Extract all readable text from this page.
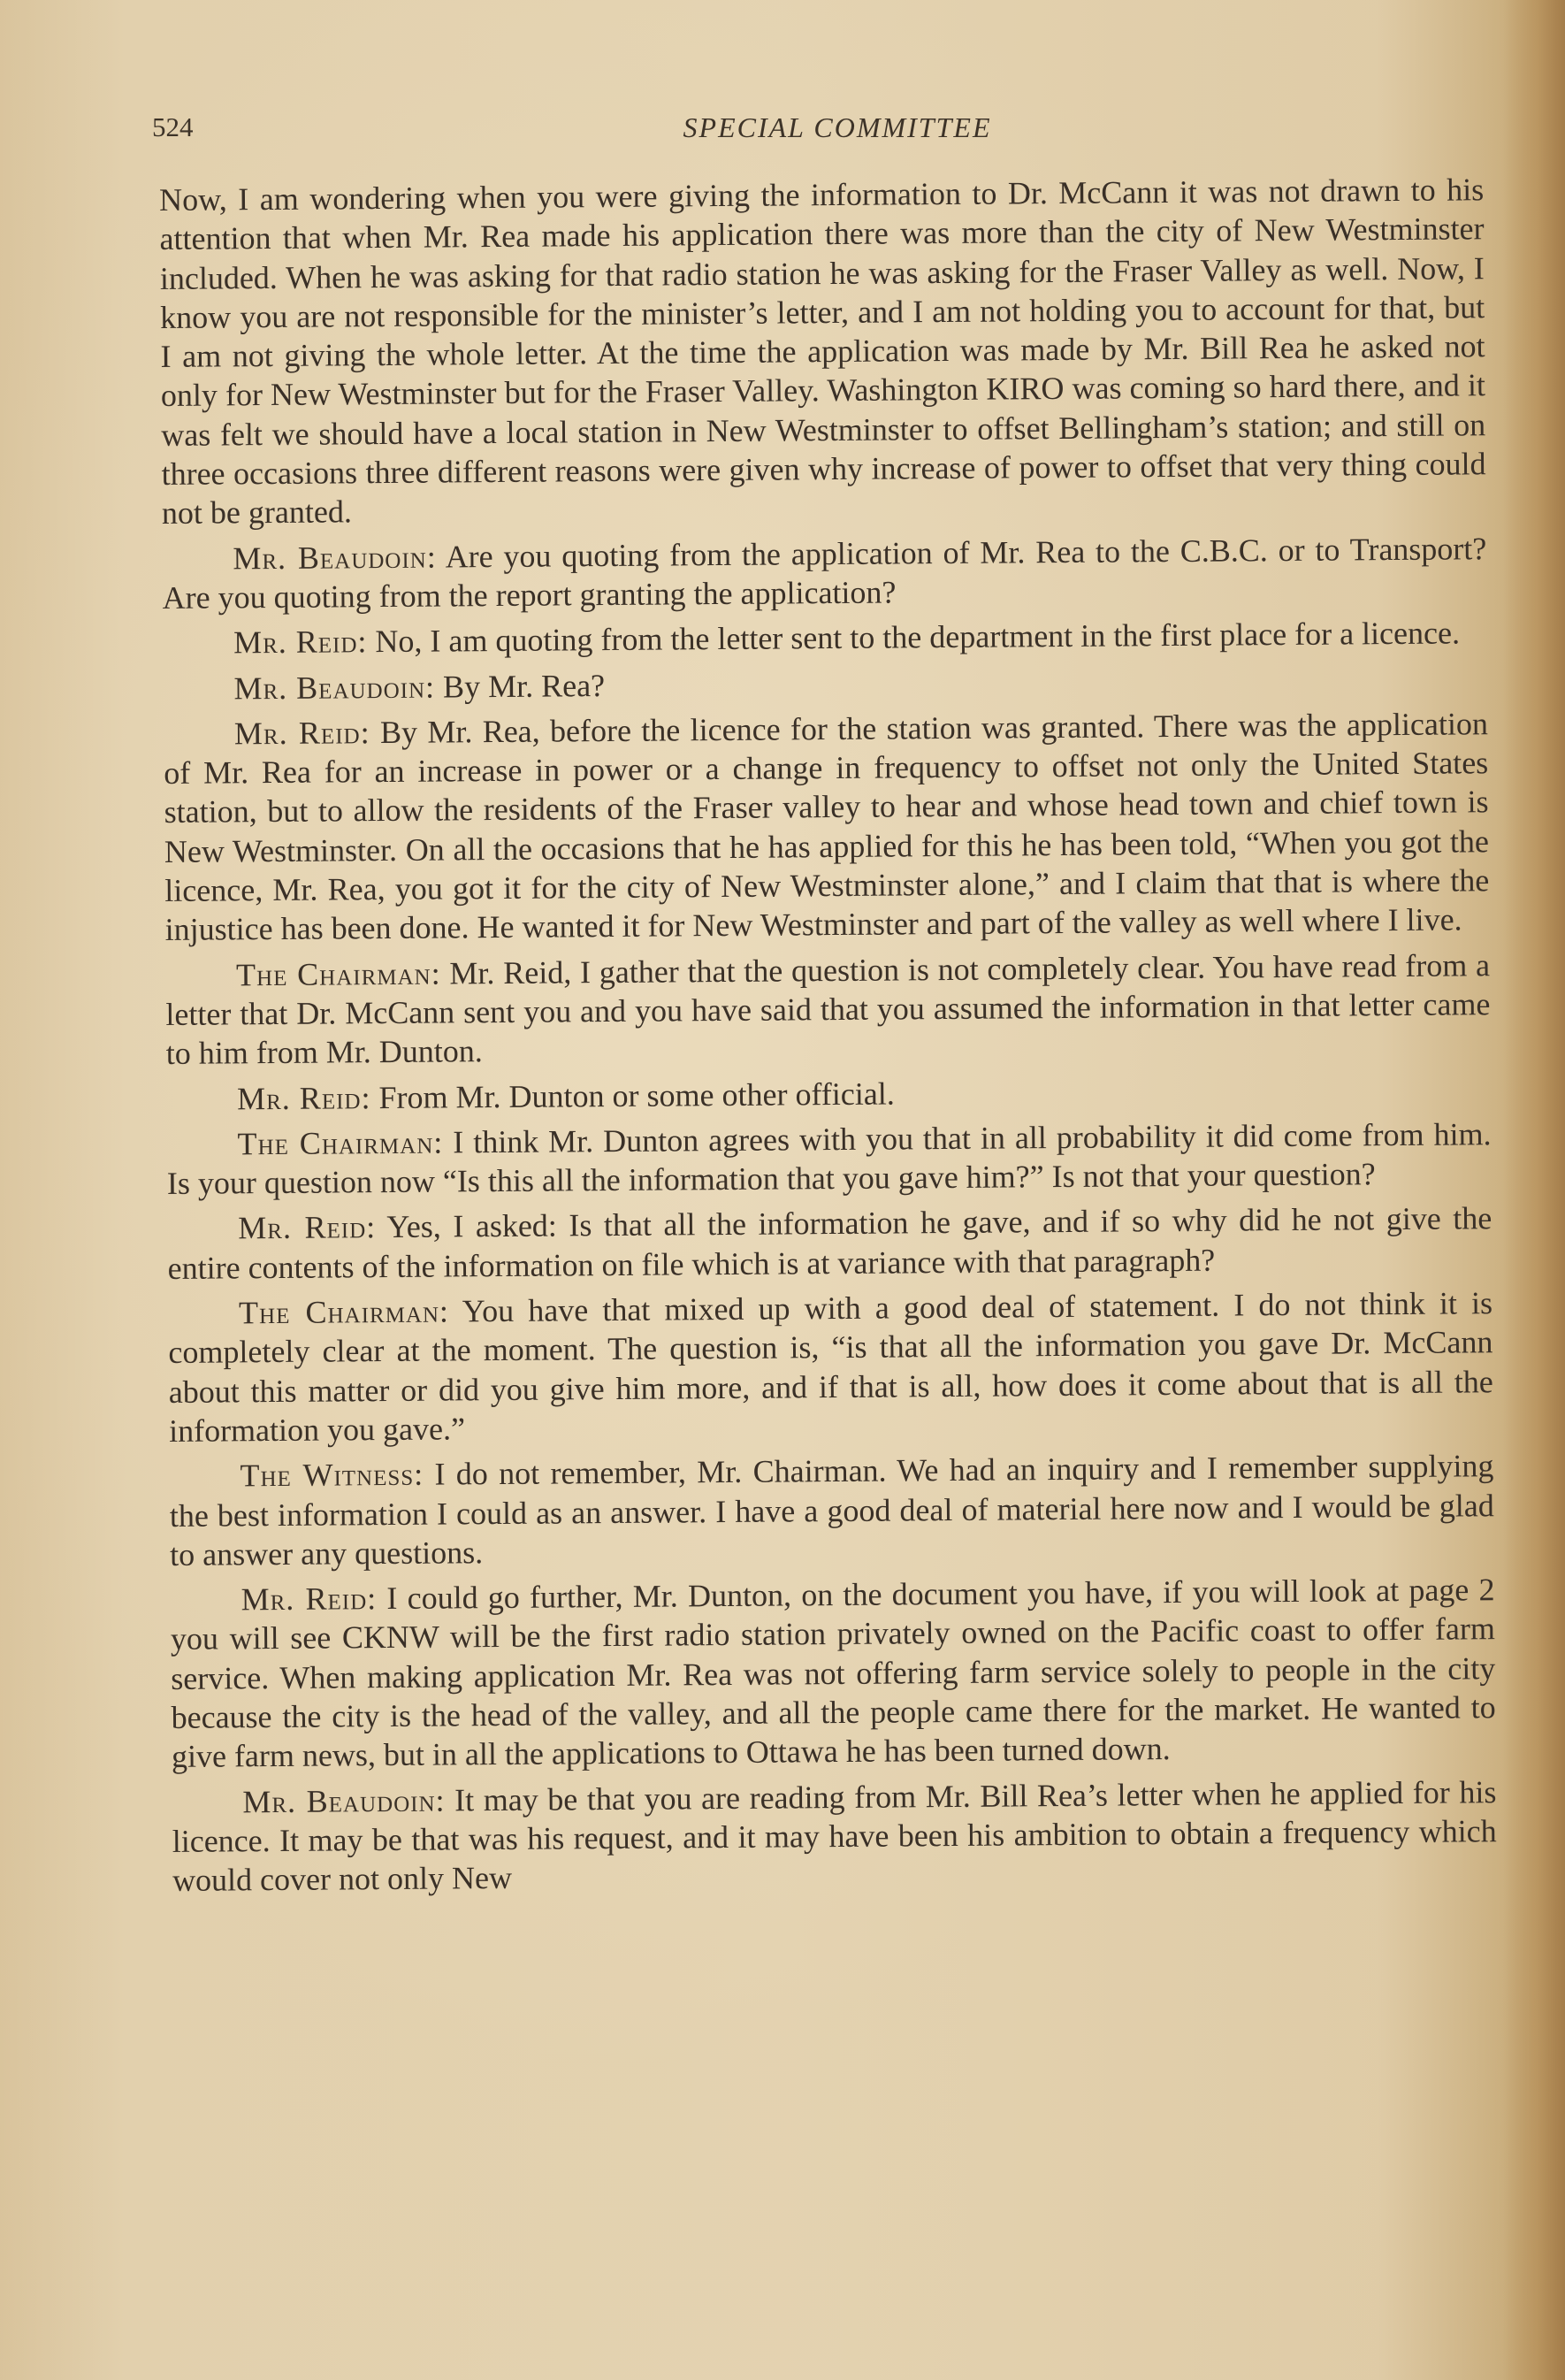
524	SPECIAL COMMITTEE

Now, I am wondering when you were giving the information to Dr. McCann it was not drawn to his attention that when Mr. Rea made his application there was more than the city of New Westminster included. When he was asking for that radio station he was asking for the Fraser Valley as well. Now, I know you are not responsible for the minister’s letter, and I am not holding you to account for that, but I am not giving the whole letter. At the time the application was made by Mr. Bill Rea he asked not only for New Westminster but for the Fraser Valley. Washington KIRO was coming so hard there, and it was felt we should have a local station in New Westminster to offset Bellingham’s station; and still on three occasions three different reasons were given why increase of power to offset that very thing could not be granted.

Mr. Beaudoin: Are you quoting from the application of Mr. Rea to the C.B.C. or to Transport? Are you quoting from the report granting the application?

Mr. Reid: No, I am quoting from the letter sent to the department in the first place for a licence.

Mr. Beaudoin: By Mr. Rea?

Mr. Reid: By Mr. Rea, before the licence for the station was granted. There was the application of Mr. Rea for an increase in power or a change in frequency to offset not only the United States station, but to allow the residents of the Fraser valley to hear and whose head town and chief town is New Westminster. On all the occasions that he has applied for this he has been told, “When you got the licence, Mr. Rea, you got it for the city of New Westminster alone,” and I claim that that is where the injustice has been done. He wanted it for New Westminster and part of the valley as well where I live.

The Chairman: Mr. Reid, I gather that the question is not completely clear. You have read from a letter that Dr. McCann sent you and you have said that you assumed the information in that letter came to him from Mr. Dunton.

Mr. Reid: From Mr. Dunton or some other official.

The Chairman: I think Mr. Dunton agrees with you that in all probability it did come from him. Is your question now “Is this all the information that you gave him?” Is not that your question?

Mr. Reid: Yes, I asked: Is that all the information he gave, and if so why did he not give the entire contents of the information on file which is at variance with that paragraph?

The Chairman: You have that mixed up with a good deal of statement. I do not think it is completely clear at the moment. The question is, “is that all the information you gave Dr. McCann about this matter or did you give him more, and if that is all, how does it come about that is all the information you gave.”

The Witness: I do not remember, Mr. Chairman. We had an inquiry and I remember supplying the best information I could as an answer. I have a good deal of material here now and I would be glad to answer any questions.

Mr. Reid: I could go further, Mr. Dunton, on the document you have, if you will look at page 2 you will see CKNW will be the first radio station privately owned on the Pacific coast to offer farm service. When making application Mr. Rea was not offering farm service solely to people in the city because the city is the head of the valley, and all the people came there for the market. He wanted to give farm news, but in all the applications to Ottawa he has been turned down.

Mr. Beaudoin: It may be that you are reading from Mr. Bill Rea’s letter when he applied for his licence. It may be that was his request, and it may have been his ambition to obtain a frequency which would cover not only New
